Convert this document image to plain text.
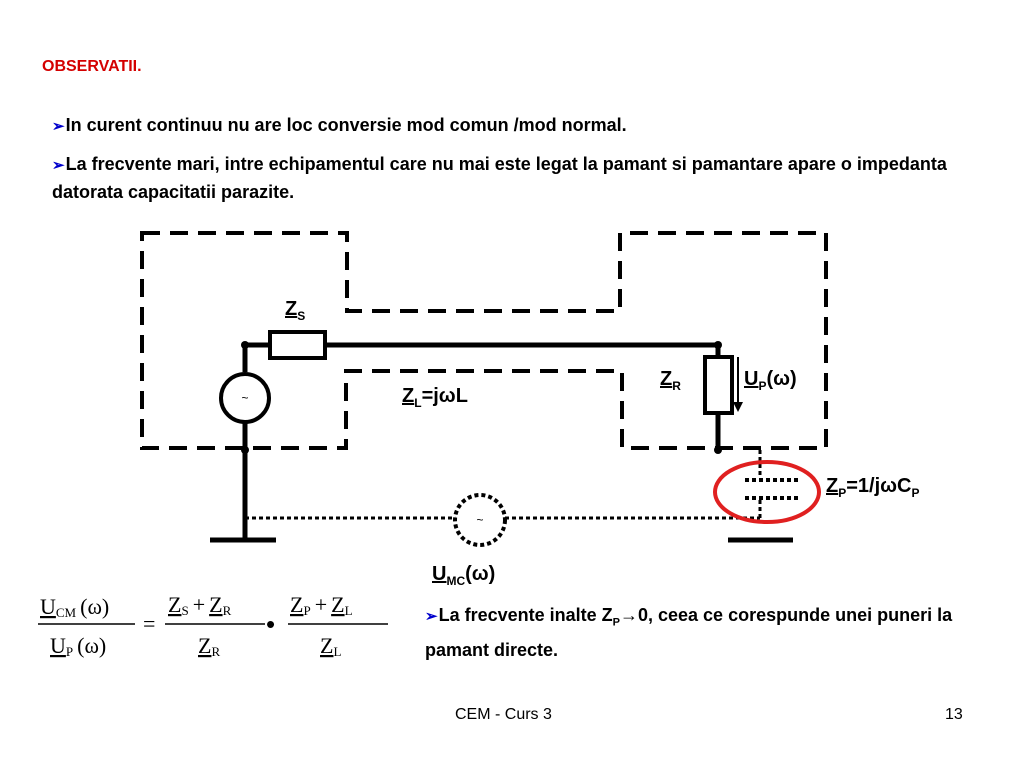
OBSERVATII.
➢In curent continuu nu are loc conversie mod comun /mod normal.
➢La frecvente mari, intre echipamentul care nu mai este legat la pamant si pamantare apare o impedanta datorata capacitatii parazite.
➢La frecvente inalte $Z_P\to 0$, ceea ce corespunde unei puneri la pamant directe.
~
~
$Z_S$
$Z_L=j\omega L$
$Z_R$	$U_P(\omega)$
$Z_P=1/j\omega C_P$
$U_{MC}(\omega)$
UCM (ω)
UP (ω)
=
ZS + ZR
ZR
•
ZP + ZL
ZL
CEM - Curs 3	13
